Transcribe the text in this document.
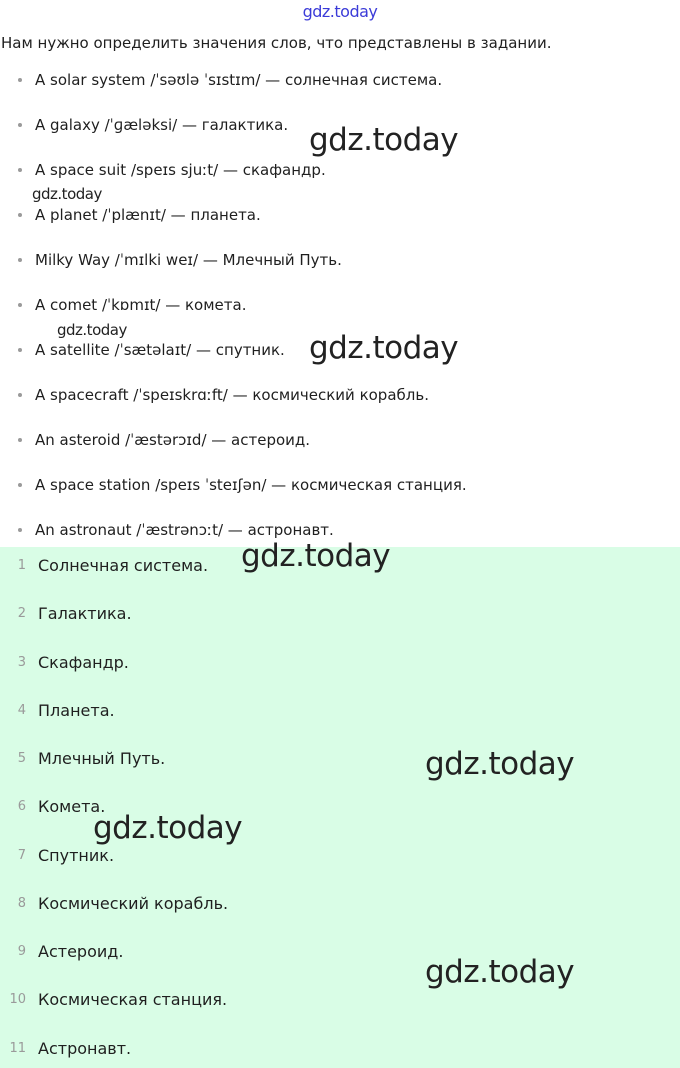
gdz.today
Нам нужно определить значения слов, что представлены в задании.
A solar system /ˈsəʊlə ˈsɪstɪm/ — солнечная система.
A galaxy /ˈɡæləksi/ — галактика.
A space suit /speɪs sjuːt/ — скафандр.
A planet /ˈplænɪt/ — планета.
Milky Way /ˈmɪlki weɪ/ — Млечный Путь.
A comet /ˈkɒmɪt/ — комета.
A satellite /ˈsætəlaɪt/ — спутник.
A spacecraft /ˈspeɪskrɑːft/ — космический корабль.
An asteroid /ˈæstərɔɪd/ — астероид.
A space station /speɪs ˈsteɪʃən/ — космическая станция.
An astronaut /ˈæstrənɔːt/ — астронавт.
1 Солнечная система.
2 Галактика.
3 Скафандр.
4 Планета.
5 Млечный Путь.
6 Комета.
7 Спутник.
8 Космический корабль.
9 Астероид.
10 Космическая станция.
11 Астронавт.
gdz.today
gdz.today
gdz.today	gdz.today
gdz.today
gdz.today
gdz.today
gdz.today
